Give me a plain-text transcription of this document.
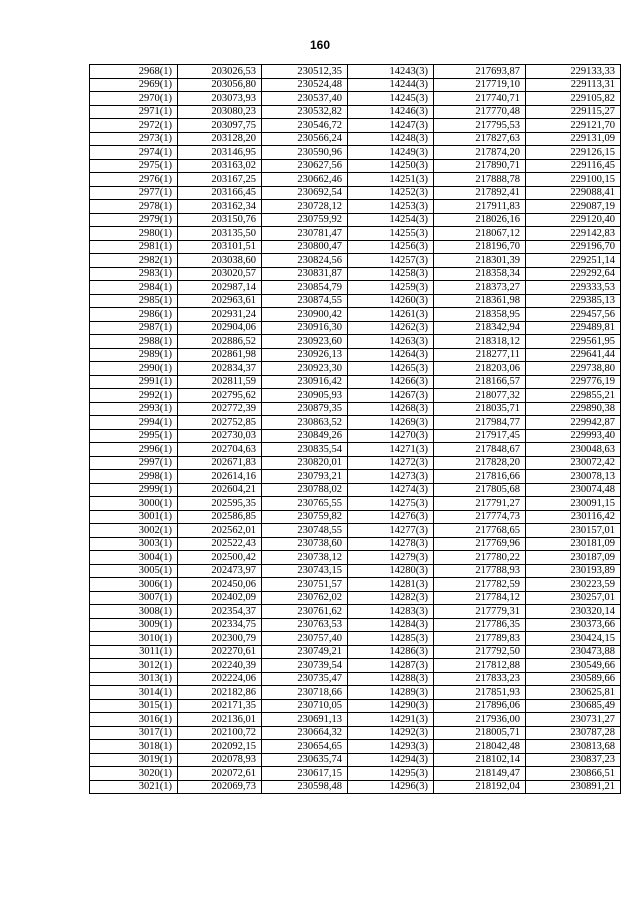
160
2968(1)	203026,53	230512,35	14243(3)	217693,87	229133,33
2969(1)	203056,80	230524,48	14244(3)	217719,10	229113,31
2970(1)	203073,93	230537,40	14245(3)	217740,71	229105,82
2971(1)	203080,23	230532,82	14246(3)	217770,48	229115,27
2972(1)	203097,75	230546,72	14247(3)	217795,53	229121,70
2973(1)	203128,20	230566,24	14248(3)	217827,63	229131,09
2974(1)	203146,95	230590,96	14249(3)	217874,20	229126,15
2975(1)	203163,02	230627,56	14250(3)	217890,71	229116,45
2976(1)	203167,25	230662,46	14251(3)	217888,78	229100,15
2977(1)	203166,45	230692,54	14252(3)	217892,41	229088,41
2978(1)	203162,34	230728,12	14253(3)	217911,83	229087,19
2979(1)	203150,76	230759,92	14254(3)	218026,16	229120,40
2980(1)	203135,50	230781,47	14255(3)	218067,12	229142,83
2981(1)	203101,51	230800,47	14256(3)	218196,70	229196,70
2982(1)	203038,60	230824,56	14257(3)	218301,39	229251,14
2983(1)	203020,57	230831,87	14258(3)	218358,34	229292,64
2984(1)	202987,14	230854,79	14259(3)	218373,27	229333,53
2985(1)	202963,61	230874,55	14260(3)	218361,98	229385,13
2986(1)	202931,24	230900,42	14261(3)	218358,95	229457,56
2987(1)	202904,06	230916,30	14262(3)	218342,94	229489,81
2988(1)	202886,52	230923,60	14263(3)	218318,12	229561,95
2989(1)	202861,98	230926,13	14264(3)	218277,11	229641,44
2990(1)	202834,37	230923,30	14265(3)	218203,06	229738,80
2991(1)	202811,59	230916,42	14266(3)	218166,57	229776,19
2992(1)	202795,62	230905,93	14267(3)	218077,32	229855,21
2993(1)	202772,39	230879,35	14268(3)	218035,71	229890,38
2994(1)	202752,85	230863,52	14269(3)	217984,77	229942,87
2995(1)	202730,03	230849,26	14270(3)	217917,45	229993,40
2996(1)	202704,63	230835,54	14271(3)	217848,67	230048,63
2997(1)	202671,83	230820,01	14272(3)	217828,20	230072,42
2998(1)	202614,16	230793,21	14273(3)	217816,66	230078,13
2999(1)	202604,21	230788,02	14274(3)	217805,68	230074,48
3000(1)	202595,35	230765,55	14275(3)	217791,27	230091,15
3001(1)	202586,85	230759,82	14276(3)	217774,73	230116,42
3002(1)	202562,01	230748,55	14277(3)	217768,65	230157,01
3003(1)	202522,43	230738,60	14278(3)	217769,96	230181,09
3004(1)	202500,42	230738,12	14279(3)	217780,22	230187,09
3005(1)	202473,97	230743,15	14280(3)	217788,93	230193,89
3006(1)	202450,06	230751,57	14281(3)	217782,59	230223,59
3007(1)	202402,09	230762,02	14282(3)	217784,12	230257,01
3008(1)	202354,37	230761,62	14283(3)	217779,31	230320,14
3009(1)	202334,75	230763,53	14284(3)	217786,35	230373,66
3010(1)	202300,79	230757,40	14285(3)	217789,83	230424,15
3011(1)	202270,61	230749,21	14286(3)	217792,50	230473,88
3012(1)	202240,39	230739,54	14287(3)	217812,88	230549,66
3013(1)	202224,06	230735,47	14288(3)	217833,23	230589,66
3014(1)	202182,86	230718,66	14289(3)	217851,93	230625,81
3015(1)	202171,35	230710,05	14290(3)	217896,06	230685,49
3016(1)	202136,01	230691,13	14291(3)	217936,00	230731,27
3017(1)	202100,72	230664,32	14292(3)	218005,71	230787,28
3018(1)	202092,15	230654,65	14293(3)	218042,48	230813,68
3019(1)	202078,93	230635,74	14294(3)	218102,14	230837,23
3020(1)	202072,61	230617,15	14295(3)	218149,47	230866,51
3021(1)	202069,73	230598,48	14296(3)	218192,04	230891,21
